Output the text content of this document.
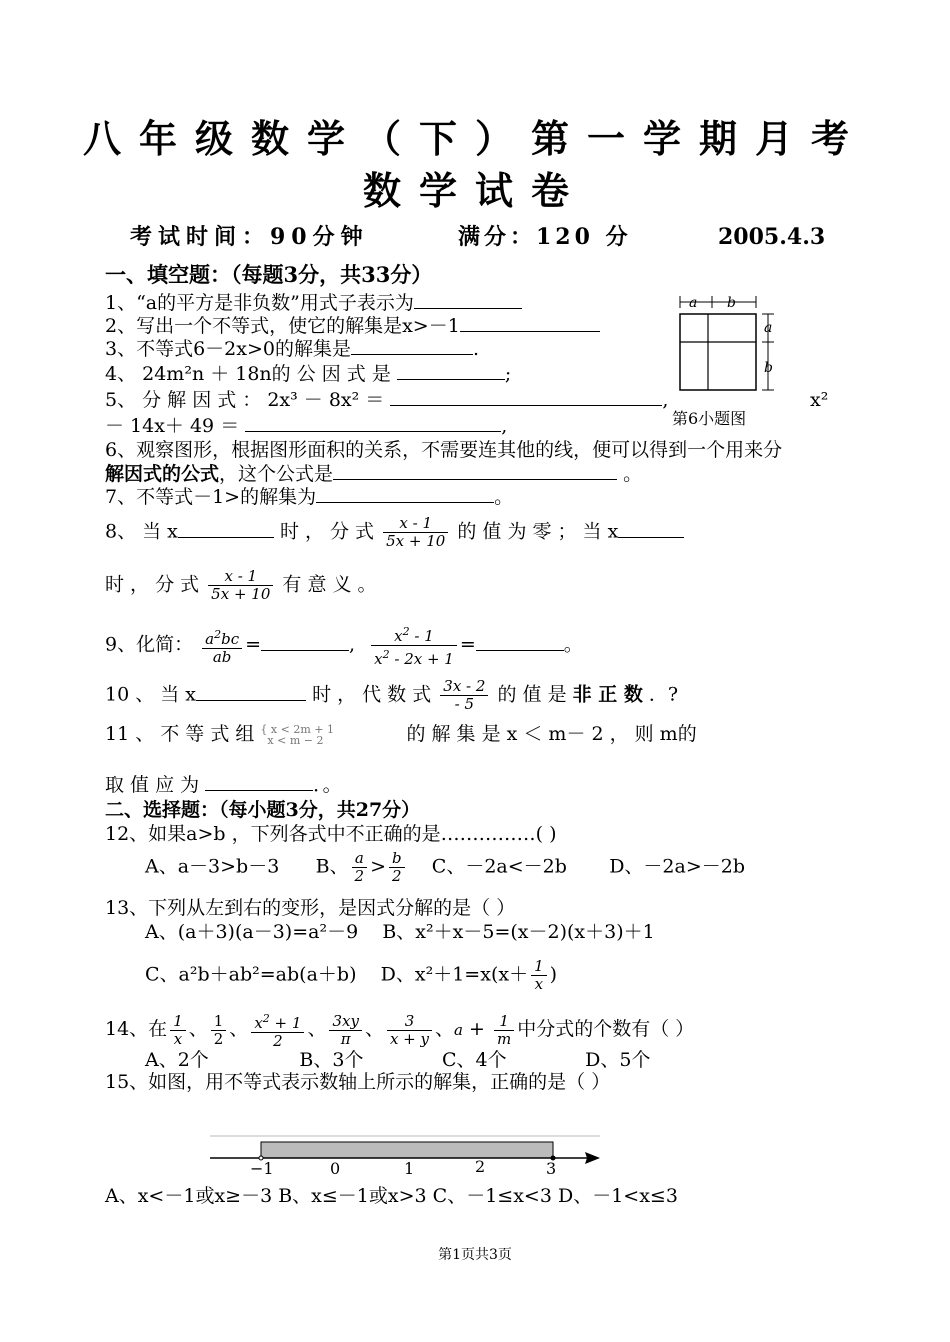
八年级数学（下）第一学期月考
数学试卷
考试时间：90分钟	满分：120 分	2005.4.3
一、填空题：（每题3分，共33分）
1、“a的平方是非负数”用式子表示为
2、写出一个不等式，使它的解集是x>－1
3、不等式6－2x>0的解集是	.
4、 24m²n ＋ 18n的 公 因 式 是	;
5、 分 解 因 式 ： 2x³ － 8x² ＝	,	x²
－ 14x＋ 49 ＝	,
a b
a
b
第6小题图
6、观察图形，根据图形面积的关系，不需要连其他的线，便可以得到一个用来分
解因式的公式，这个公式是	。
7、不等式－1>的解集为	。
8、 当 x	时 ， 分 式 $\frac{x - 1}{5x + 10}$ 的 值 为 零 ； 当 x
时 ， 分 式 $\frac{x - 1}{5x + 10}$ 有 意 义 。
9、化简： $\frac{a^2bc}{ab}$ =	, $\frac{x^2 - 1}{x^2 - 2x + 1}$ =	。
10 、 当 x	时 ， 代 数 式 $\frac{3x - 2}{- 5}$ 的 值 是 非 正 数 ．?
11 、 不 等 式 组 { x < 2m + 1
x < m − 2	的 解 集 是 x ＜ m－ 2 ， 则 m的
取 值 应 为	．。
二、选择题：（每小题3分，共27分）
12、如果a>b ，下列各式中不正确的是……………( )
A、a－3>b－3 B、 $\frac{a}{2} > \frac{b}{2}$ C、－2a<－2b D、－2a>－2b
13、下列从左到右的变形，是因式分解的是（ ）
A、(a＋3)(a－3)=a²－9 B、x²＋x－5=(x－2)(x＋3)＋1
C、a²b＋ab²=ab(a＋b) D、$x^2+1=x(x+ \frac{1}{x}$ )
14、在 $\frac{1}{x}$ 、 $\frac{1}{2}$ 、 $\frac{x^2 + 1}{2}$ 、 $\frac{3xy}{\pi}$ 、 $\frac{3}{x + y}$ 、$a + \frac{1}{m}$ 中分式的个数有（ ）
A、2个	B、3个	C、4个	D、5个
15、如图，用不等式表示数轴上所示的解集，正确的是（ ）
−1	0	1	2	3
A、x<－1或x≥－3 B、x≤－1或x>3 C、－1≤x<3 D、－1<x≤3
第1页共3页
